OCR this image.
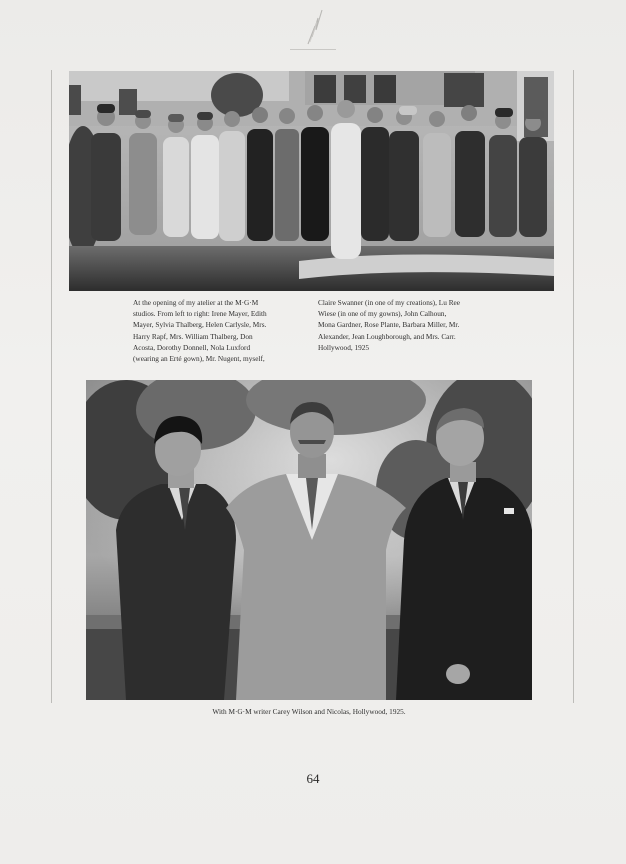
At the opening of my atelier at the M·G·M
studios. From left to right: Irene Mayer, Edith
Mayer, Sylvia Thalberg, Helen Carlysle, Mrs.
Harry Rapf, Mrs. William Thalberg, Don
Acosta, Dorothy Donnell, Nola Luxford
(wearing an Erté gown), Mr. Nugent, myself,
Claire Swanner (in one of my creations), Lu Ree
Wiese (in one of my gowns), John Calhoun,
Mona Gardner, Rose Plante, Barbara Miller, Mr.
Alexander, Jean Loughborough, and Mrs. Carr.
Hollywood, 1925
With M·G·M writer Carey Wilson and Nicolas, Hollywood, 1925.
64
